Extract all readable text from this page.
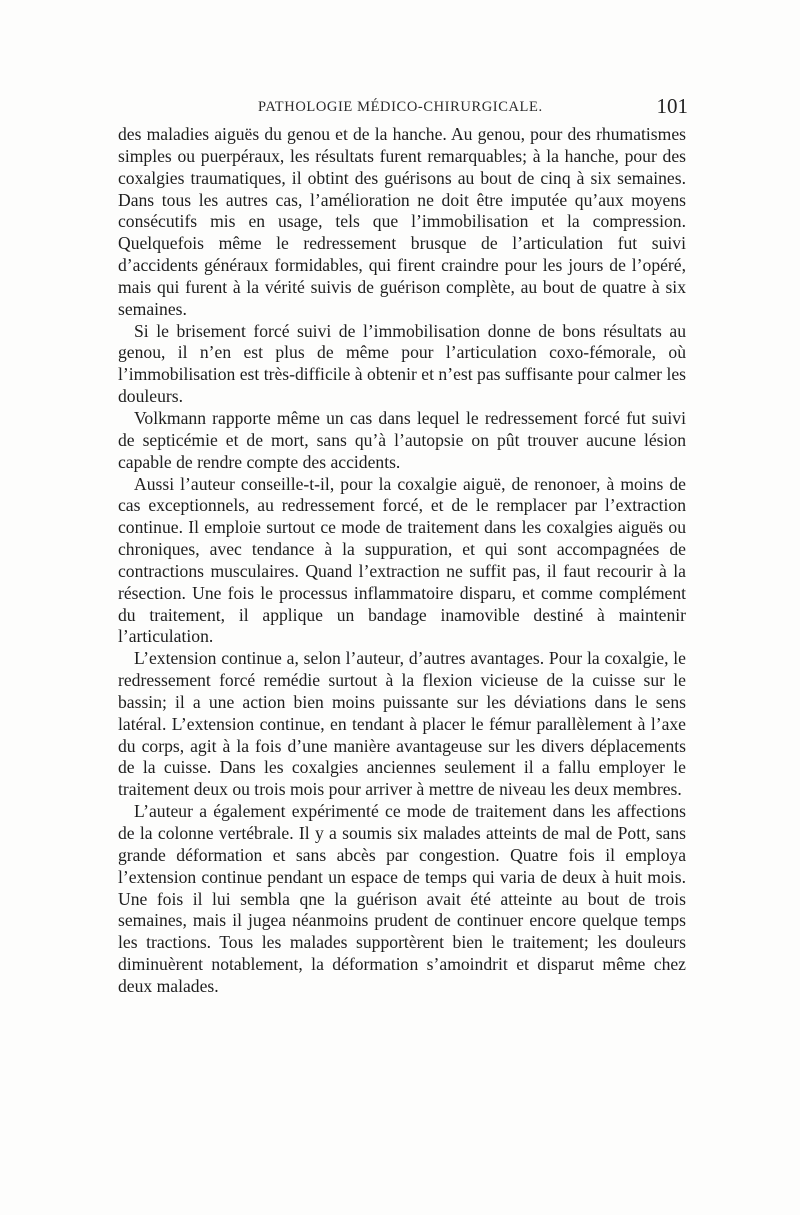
PATHOLOGIE MÉDICO-CHIRURGICALE.	101

des maladies aiguës du genou et de la hanche. Au genou, pour des rhumatismes simples ou puerpéraux, les résultats furent remarquables; à la hanche, pour des coxalgies traumatiques, il obtint des guérisons au bout de cinq à six semaines. Dans tous les autres cas, l’amélioration ne doit être imputée qu’aux moyens consécutifs mis en usage, tels que l’immobilisation et la compression. Quelquefois même le redressement brusque de l’articulation fut suivi d’accidents généraux formidables, qui firent craindre pour les jours de l’opéré, mais qui furent à la vérité suivis de guérison complète, au bout de quatre à six semaines.

Si le brisement forcé suivi de l’immobilisation donne de bons résultats au genou, il n’en est plus de même pour l’articulation coxo-fémorale, où l’immobilisation est très-difficile à obtenir et n’est pas suffisante pour calmer les douleurs.

Volkmann rapporte même un cas dans lequel le redressement forcé fut suivi de septicémie et de mort, sans qu’à l’autopsie on pût trouver aucune lésion capable de rendre compte des accidents.

Aussi l’auteur conseille-t-il, pour la coxalgie aiguë, de renonoer, à moins de cas exceptionnels, au redressement forcé, et de le remplacer par l’extraction continue. Il emploie surtout ce mode de traitement dans les coxalgies aiguës ou chroniques, avec tendance à la suppuration, et qui sont accompagnées de contractions musculaires. Quand l’extraction ne suffit pas, il faut recourir à la résection. Une fois le processus inflammatoire disparu, et comme complément du traitement, il applique un bandage inamovible destiné à maintenir l’articulation.

L’extension continue a, selon l’auteur, d’autres avantages. Pour la coxalgie, le redressement forcé remédie surtout à la flexion vicieuse de la cuisse sur le bassin; il a une action bien moins puissante sur les déviations dans le sens latéral. L’extension continue, en tendant à placer le fémur parallèlement à l’axe du corps, agit à la fois d’une manière avantageuse sur les divers déplacements de la cuisse. Dans les coxalgies anciennes seulement il a fallu employer le traitement deux ou trois mois pour arriver à mettre de niveau les deux membres.

L’auteur a également expérimenté ce mode de traitement dans les affections de la colonne vertébrale. Il y a soumis six malades atteints de mal de Pott, sans grande déformation et sans abcès par congestion. Quatre fois il employa l’extension continue pendant un espace de temps qui varia de deux à huit mois. Une fois il lui sembla qne la guérison avait été atteinte au bout de trois semaines, mais il jugea néanmoins prudent de continuer encore quelque temps les tractions. Tous les malades supportèrent bien le traitement; les douleurs diminuèrent notablement, la déformation s’amoindrit et disparut même chez deux malades.
